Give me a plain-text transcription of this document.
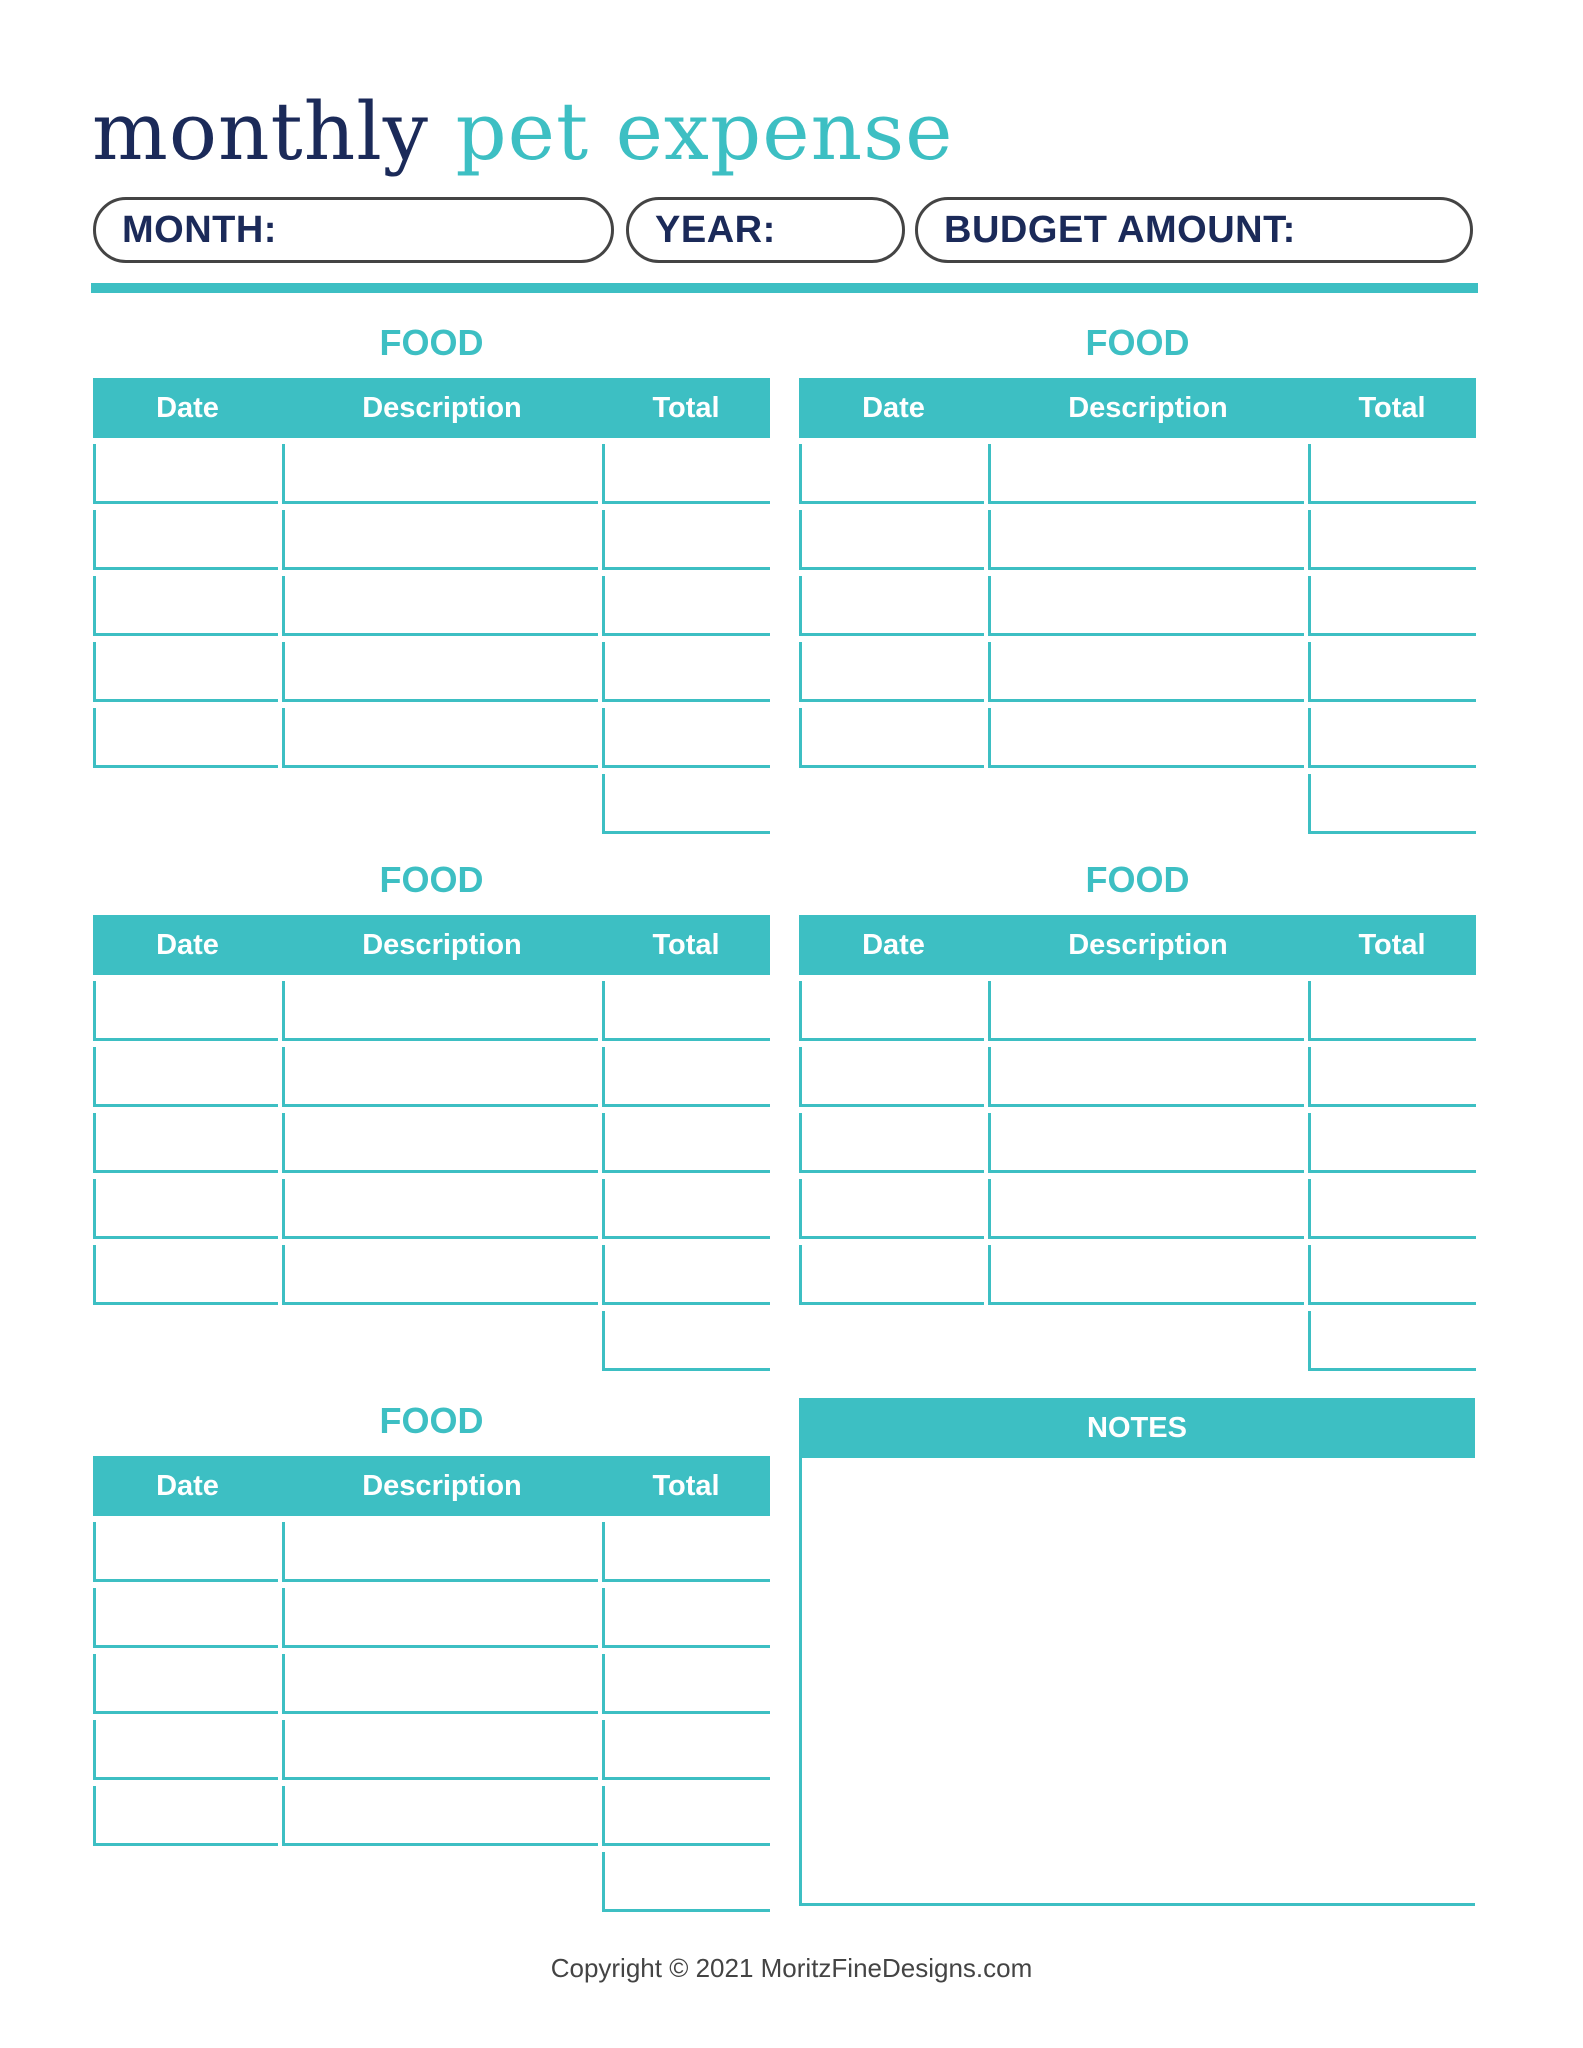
monthly pet expense
MONTH:	YEAR:	BUDGET AMOUNT:
FOOD
Date	Description	Total
FOOD
Date	Description	Total
FOOD
Date	Description	Total
FOOD
Date	Description	Total
FOOD
Date	Description	Total
NOTES
Copyright © 2021 MoritzFineDesigns.com
